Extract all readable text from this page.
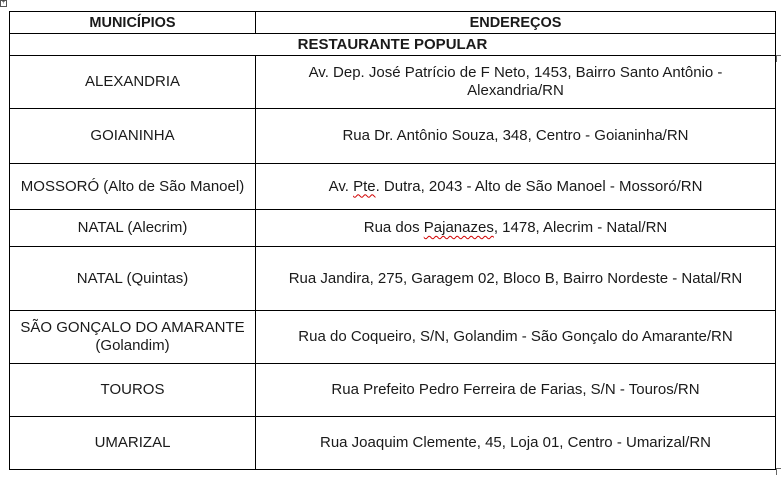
+
MUNICÍPIOS	ENDEREÇOS
RESTAURANTE POPULAR	
ALEXANDRIA	Av. Dep. José Patrício de F Neto, 1453, Bairro Santo Antônio -
Alexandria/RN
GOIANINHA	Rua Dr. Antônio Souza, 348, Centro - Goianinha/RN
MOSSORÓ (Alto de São Manoel)	Av. Pte. Dutra, 2043 - Alto de São Manoel - Mossoró/RN
NATAL (Alecrim)	Rua dos Pajanazes, 1478, Alecrim - Natal/RN
NATAL (Quintas)	Rua Jandira, 275, Garagem 02, Bloco B, Bairro Nordeste - Natal/RN
SÃO GONÇALO DO AMARANTE
(Golandim)	Rua do Coqueiro, S/N, Golandim - São Gonçalo do Amarante/RN
TOUROS	Rua Prefeito Pedro Ferreira de Farias, S/N - Touros/RN
UMARIZAL	Rua Joaquim Clemente, 45, Loja 01, Centro - Umarizal/RN
